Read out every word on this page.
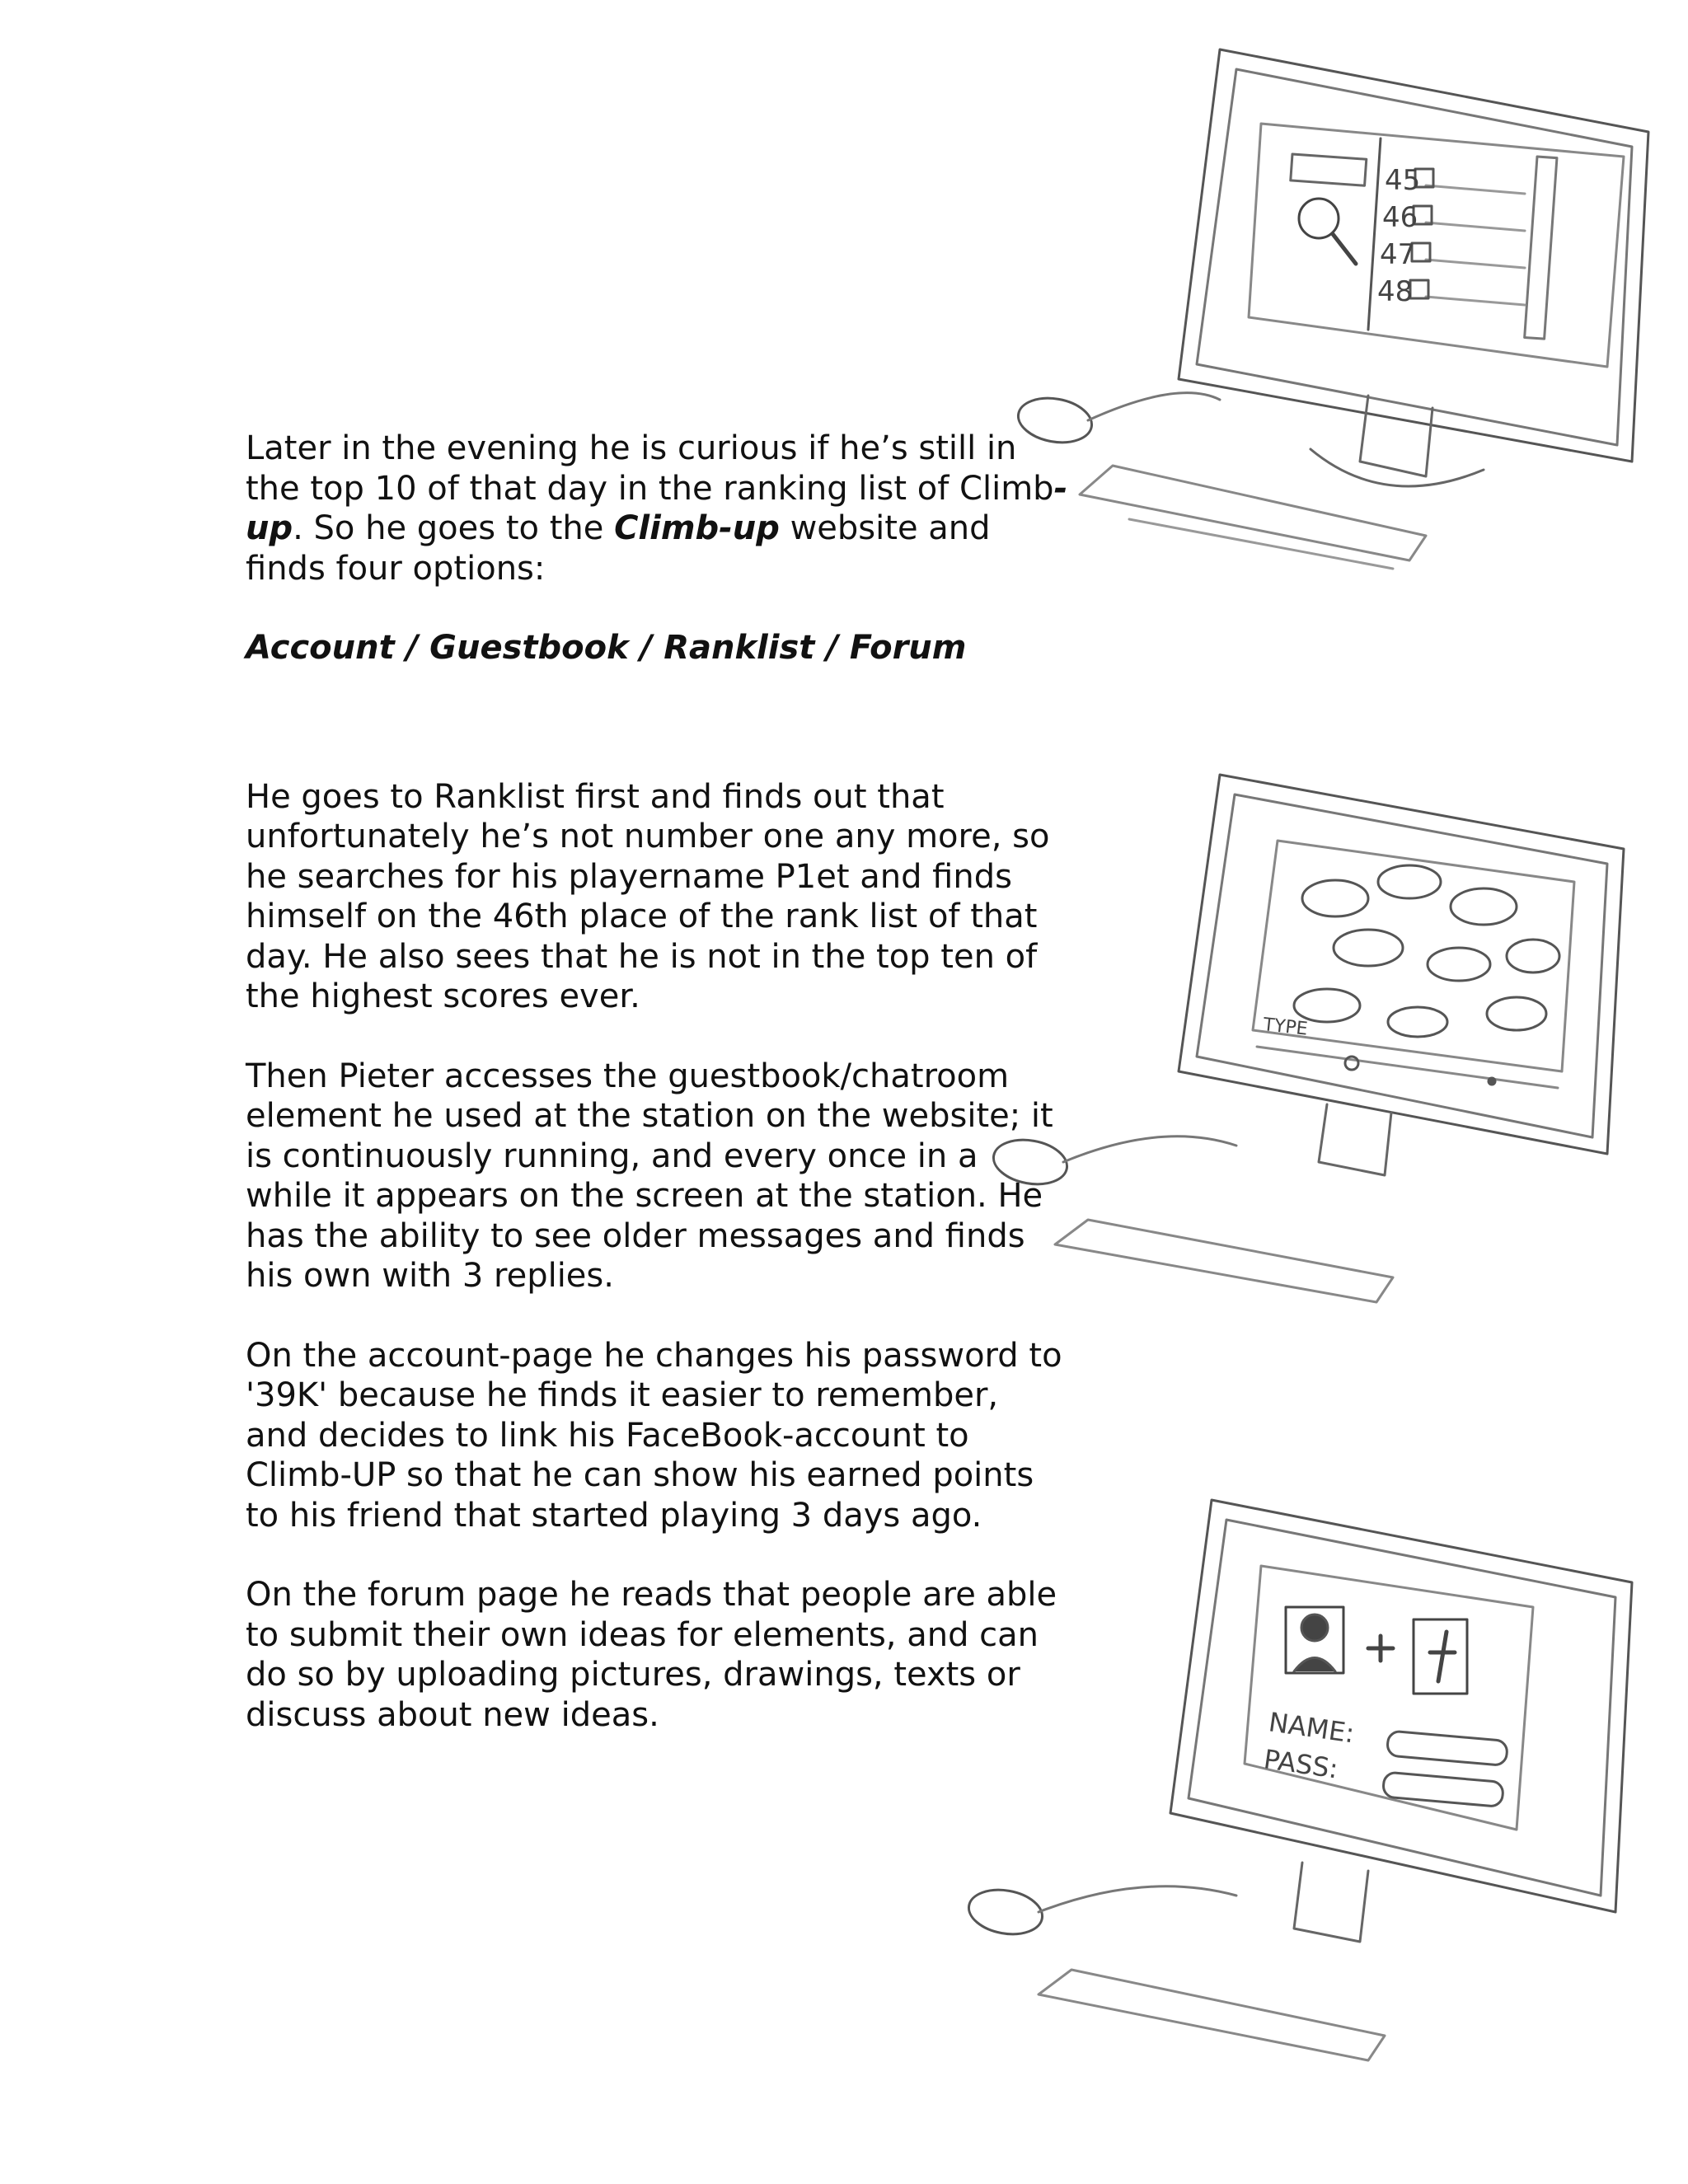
Later in the evening he is curious if he’s still in the top 10 of that day in the ranking list of Climb-up. So he goes to the Climb-up website and finds four options:

Account / Guestbook / Ranklist / Forum

He goes to Ranklist first and finds out that unfortunately he’s not number one any more, so he searches for his playername P1et and finds himself on the 46th place of the rank list of that day. He also sees that he is not in the top ten of the highest scores ever.

Then Pieter accesses the guestbook/chatroom element he used at the station on the website; it is continuously running, and every once in a while it appears on the screen at the station. He has the ability to see older messages and finds his own with 3 replies.

On the account-page he changes his password to '39K' because he finds it easier to remember, and decides to link his FaceBook-account to Climb-UP so that he can show his earned points to his friend that started playing 3 days ago.

On the forum page he reads that people are able to submit their own ideas for elements, and can do so by uploading pictures, drawings, texts or discuss about new ideas.

45
46
47
48
TYPE
NAME:
PASS:
